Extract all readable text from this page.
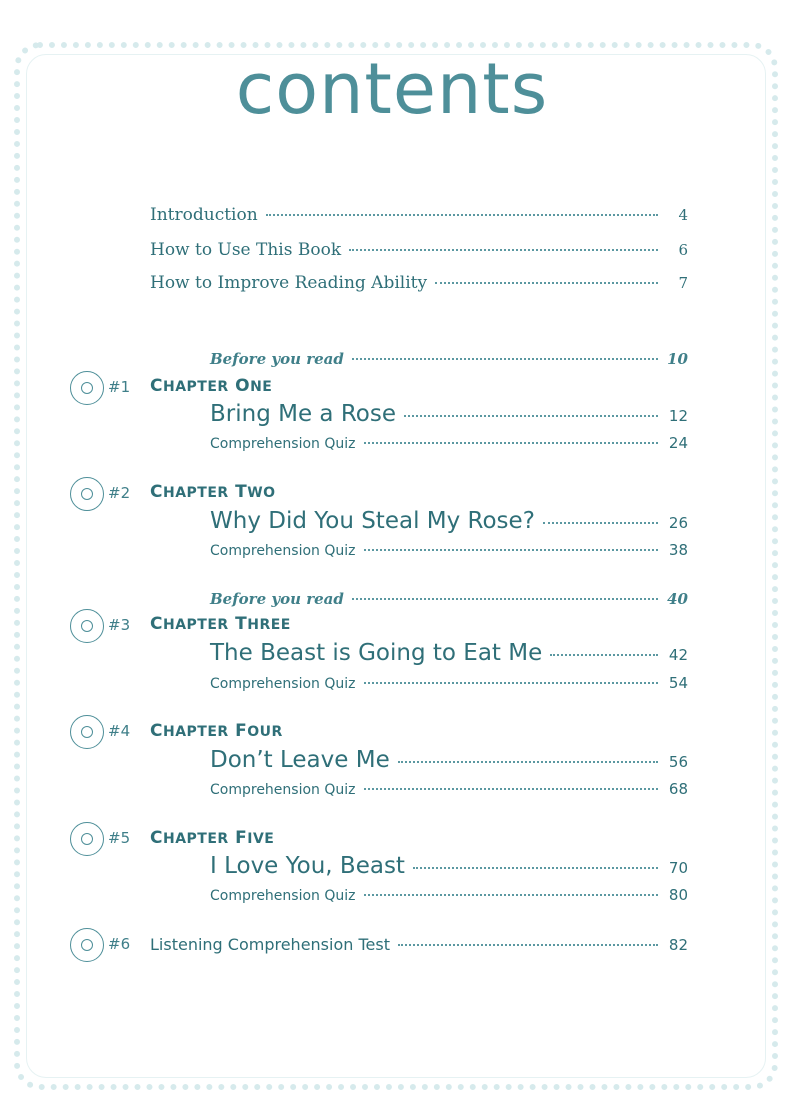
contents
Introduction	4
How to Use This Book	6
How to Improve Reading Ability	7
Before you read	10
#1 CHAPTER ONE
Bring Me a Rose	12
Comprehension Quiz	24
#2 CHAPTER TWO
Why Did You Steal My Rose?	26
Comprehension Quiz	38
Before you read	40
#3 CHAPTER THREE
The Beast is Going to Eat Me	42
Comprehension Quiz	54
#4 CHAPTER FOUR
Don’t Leave Me	56
Comprehension Quiz	68
#5 CHAPTER FIVE
I Love You, Beast	70
Comprehension Quiz	80
#6 Listening Comprehension Test	82
